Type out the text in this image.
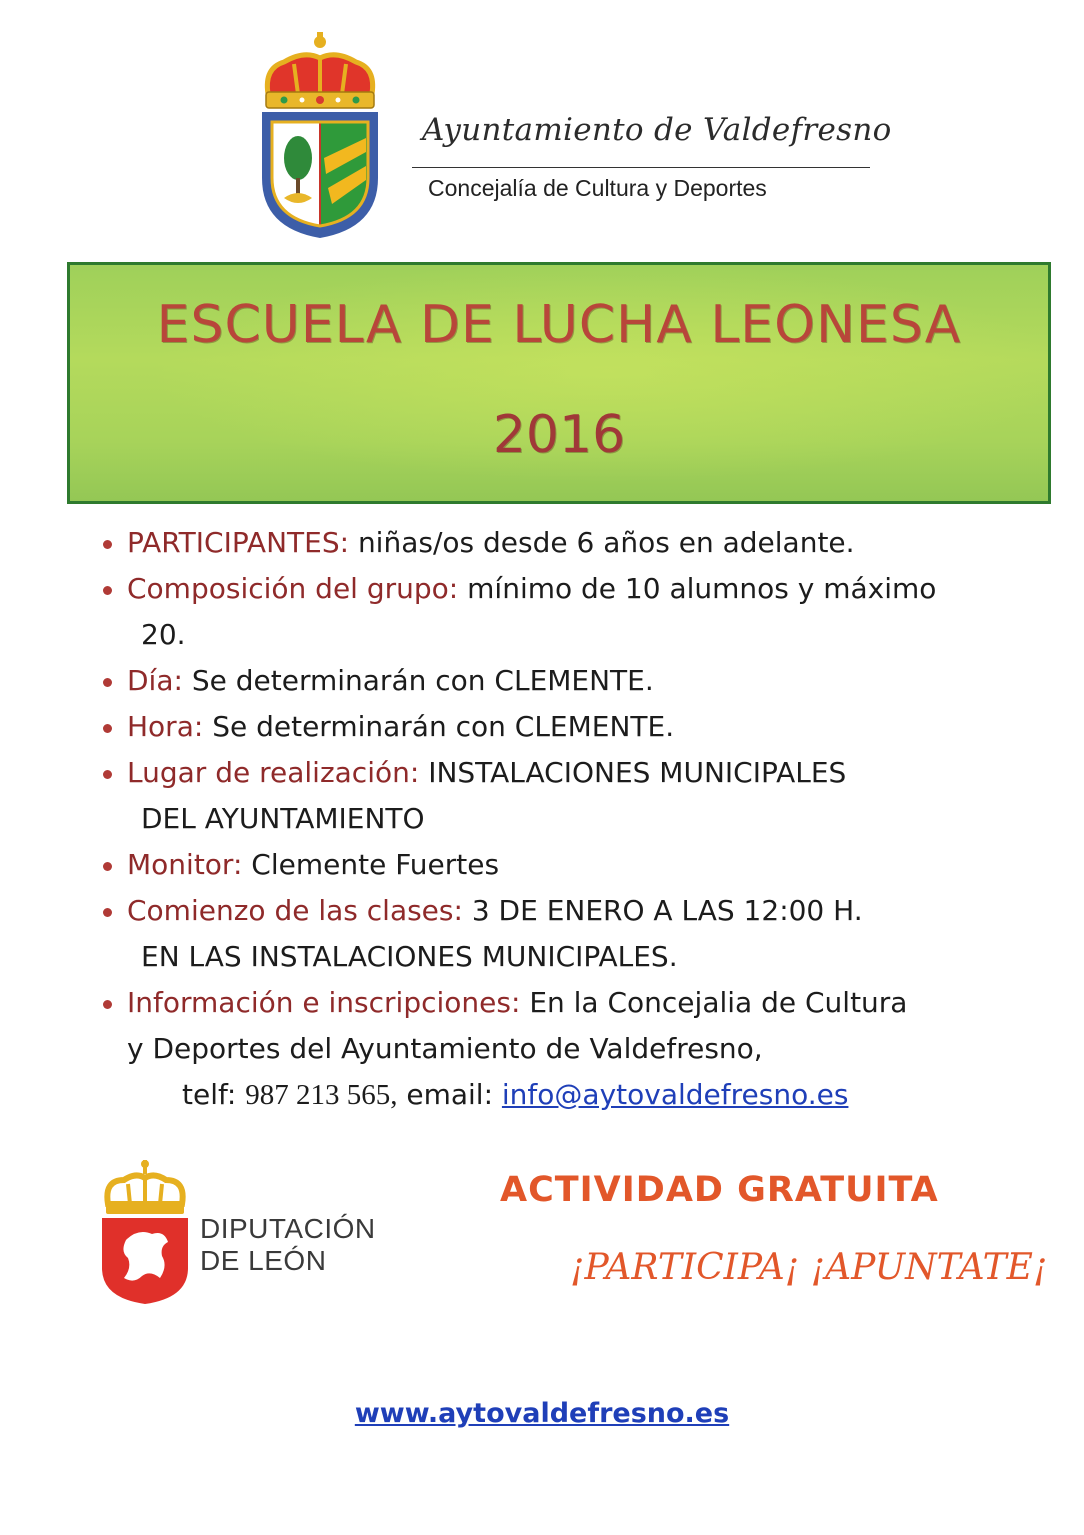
Ayuntamiento de Valdefresno
Concejalía de Cultura y Deportes
ESCUELA DE LUCHA LEONESA
2016
PARTICIPANTES: niñas/os desde 6 años en adelante.
Composición del grupo: mínimo de 10 alumnos y máximo
20.
Día: Se determinarán con CLEMENTE.
Hora: Se determinarán con CLEMENTE.
Lugar de realización: INSTALACIONES MUNICIPALES
DEL AYUNTAMIENTO
Monitor: Clemente Fuertes
Comienzo de las clases: 3 DE ENERO A LAS 12:00 H.
EN LAS INSTALACIONES MUNICIPALES.
Información e inscripciones: En la Concejalia de Cultura
y Deportes del Ayuntamiento de Valdefresno,
telf: 987 213 565, email: info@aytovaldefresno.es
DIPUTACIÓN
DE LEÓN
ACTIVIDAD GRATUITA
¡PARTICIPA¡ ¡APUNTATE¡
www.aytovaldefresno.es
